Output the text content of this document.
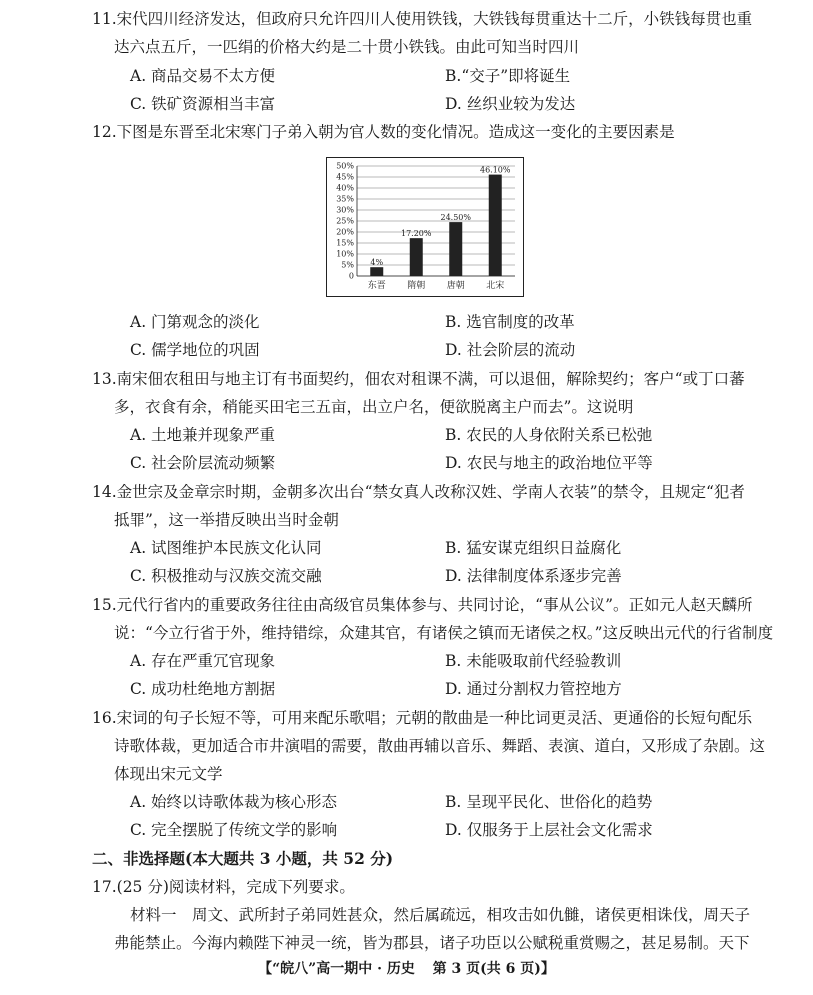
11.宋代四川经济发达，但政府只允许四川人使用铁钱，大铁钱每贯重达十二斤，小铁钱每贯也重
达六点五斤，一匹绢的价格大约是二十贯小铁钱。由此可知当时四川
A. 商品交易不太方便	B.“交子”即将诞生
C. 铁矿资源相当丰富	D. 丝织业较为发达
12.下图是东晋至北宋寒门子弟入朝为官人数的变化情况。造成这一变化的主要因素是
0
5%
10%
15%
20%
25%
30%
35%
40%
45%
50%
4%
东晋
17.20%
隋朝
24.50%
唐朝
46.10%
北宋
A. 门第观念的淡化	B. 选官制度的改革
C. 儒学地位的巩固	D. 社会阶层的流动
13.南宋佃农租田与地主订有书面契约，佃农对租课不满，可以退佃，解除契约；客户“或丁口蕃
多，衣食有余，稍能买田宅三五亩，出立户名，便欲脱离主户而去”。这说明
A. 土地兼并现象严重	B. 农民的人身依附关系已松弛
C. 社会阶层流动频繁	D. 农民与地主的政治地位平等
14.金世宗及金章宗时期，金朝多次出台“禁女真人改称汉姓、学南人衣装”的禁令，且规定“犯者
抵罪”，这一举措反映出当时金朝
A. 试图维护本民族文化认同	B. 猛安谋克组织日益腐化
C. 积极推动与汉族交流交融	D. 法律制度体系逐步完善
15.元代行省内的重要政务往往由高级官员集体参与、共同讨论，“事从公议”。正如元人赵天麟所
说：“今立行省于外，维持错综，众建其官，有诸侯之镇而无诸侯之权。”这反映出元代的行省制度
A. 存在严重冗官现象	B. 未能吸取前代经验教训
C. 成功杜绝地方割据	D. 通过分割权力管控地方
16.宋词的句子长短不等，可用来配乐歌唱；元朝的散曲是一种比词更灵活、更通俗的长短句配乐
诗歌体裁，更加适合市井演唱的需要，散曲再辅以音乐、舞蹈、表演、道白，又形成了杂剧。这
体现出宋元文学
A. 始终以诗歌体裁为核心形态	B. 呈现平民化、世俗化的趋势
C. 完全摆脱了传统文学的影响	D. 仅服务于上层社会文化需求
二、非选择题(本大题共 3 小题，共 52 分)
17.(25 分)阅读材料，完成下列要求。
材料一　周文、武所封子弟同姓甚众，然后属疏远，相攻击如仇雠，诸侯更相诛伐，周天子
弗能禁止。今海内赖陛下神灵一统，皆为郡县，诸子功臣以公赋税重赏赐之，甚足易制。天下
【“皖八”高一期中 · 历史 第 3 页(共 6 页)】
